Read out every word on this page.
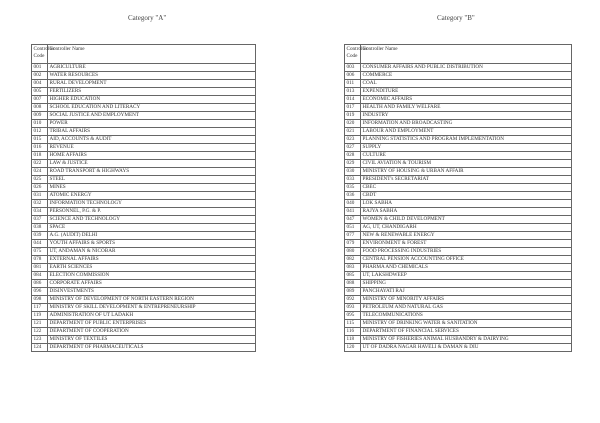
Category "A"	Category "B"
Controller Code	Controller Name
001	AGRICULTURE
002	WATER RESOURCES
004	RURAL DEVELOPMENT
005	FERTILIZERS
007	HIGHER EDUCATION
008	SCHOOL EDUCATION AND LITERACY
009	SOCIAL JUSTICE AND EMPLOYMENT
010	POWER
012	TRIBAL AFFAIRS
015	AID, ACCOUNTS & AUDIT
016	REVENUE
018	HOME AFFAIRS
022	LAW & JUSTICE
024	ROAD TRANSPORT & HIGHWAYS
025	STEEL
026	MINES
031	ATOMIC ENERGY
032	INFORMATION TECHNOLOGY
034	PERSONNEL, P.G. & P.
037	SCIENCE AND TECHNOLOGY
038	SPACE
039	A.G. (AUDIT) DELHI
044	YOUTH AFFAIRS & SPORTS
075	UT, ANDAMAN & NICOBAR
078	EXTERNAL AFFAIRS
081	EARTH SCIENCES
084	ELECTION COMMISSION
086	CORPORATE AFFAIRS
096	DISINVESTMENTS
098	MINISTRY OF DEVELOPMENT OF NORTH EASTERN REGION
117	MINISTRY OF SKILL DEVELOPMENT & ENTREPRENEURSHIP
119	ADMINISTRATION OF UT LADAKH
121	DEPARTMENT OF PUBLIC ENTERPRISES
122	DEPARTMENT OF COOPERATION
123	MINISTRY OF TEXTILES
124	DEPARTMENT OF PHARMACEUTICALS
Controller Code	Controller Name
003	CONSUMER AFFAIRS AND PUBLIC DISTRIBUTION
006	COMMERCE
011	COAL
013	EXPENDITURE
014	ECONOMIC AFFAIRS
017	HEALTH AND FAMILY WELFARE
019	INDUSTRY
020	INFORMATION AND BROADCASTING
021	LABOUR AND EMPLOYMENT
023	PLANNING STATISTICS AND PROGRAM IMPLEMENTATION
027	SUPPLY
028	CULTURE
029	CIVIL AVIATION & TOURISM
030	MINISTRY OF HOUSING & URBAN AFFAIR
033	PRESIDENT's SECRETARIAT
035	CBEC
036	CBDT
040	LOK SABHA
041	RAJYA SABHA
047	WOMEN & CHILD DEVELOPMENT
051	AG, UT, CHANDIGARH
077	NEW & RENEWABLE ENERGY
079	ENVIRONMENT & FOREST
080	FOOD PROCESSING INDUSTRIES
082	CENTRAL PENSION ACCOUNTING OFFICE
083	PHARMA AND CHEMICALS
085	UT, LAKSHDWEEP
088	SHIPPING
089	PANCHAYATI RAJ
092	MINISTRY OF MINORITY AFFAIRS
093	PETROLEUM AND NATURAL GAS
095	TELECOMMUNICATIONS
115	MINISTRY OF DRINKING WATER & SANITATION
116	DEPARTMENT OF FINANCIAL SERVICES
118	MINISTRY OF FISHERIES ANIMAL HUSBANDRY & DAIRYING
120	UT OF DADRA NAGAR HAVELI & DAMAN & DIU
